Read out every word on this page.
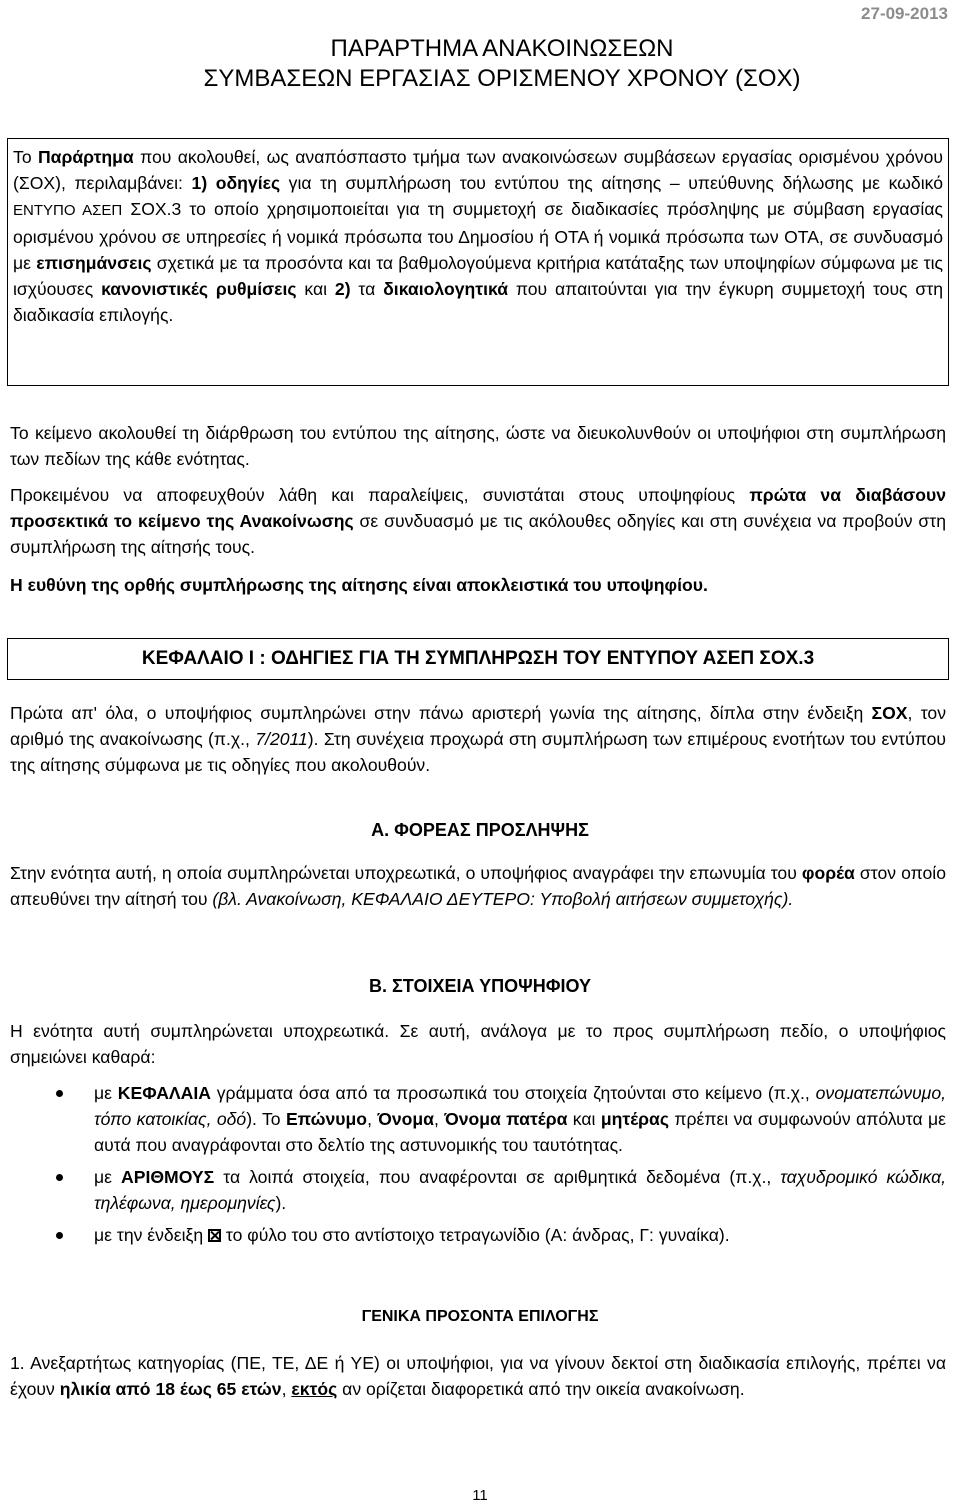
27-09-2013
ΠΑΡΑΡΤΗΜΑ ΑΝΑΚΟΙΝΩΣΕΩΝ
ΣΥΜΒΑΣΕΩΝ ΕΡΓΑΣΙΑΣ ΟΡΙΣΜΕΝΟΥ ΧΡΟΝΟΥ (ΣΟΧ)
Το Παράρτημα που ακολουθεί, ως αναπόσπαστο τμήμα των ανακοινώσεων συμβάσεων εργασίας ορισμένου χρόνου (ΣΟΧ), περιλαμβάνει: 1) οδηγίες για τη συμπλήρωση του εντύπου της αίτησης – υπεύθυνης δήλωσης με κωδικό ΕΝΤΥΠΟ ΑΣΕΠ ΣΟΧ.3 το οποίο χρησιμοποιείται για τη συμμετοχή σε διαδικασίες πρόσληψης με σύμβαση εργασίας ορισμένου χρόνου σε υπηρεσίες ή νομικά πρόσωπα του Δημοσίου ή ΟΤΑ ή νομικά πρόσωπα των ΟΤΑ, σε συνδυασμό με επισημάνσεις σχετικά με τα προσόντα και τα βαθμολογούμενα κριτήρια κατάταξης των υποψηφίων σύμφωνα με τις ισχύουσες κανονιστικές ρυθμίσεις και 2) τα δικαιολογητικά που απαιτούνται για την έγκυρη συμμετοχή τους στη διαδικασία επιλογής.
Το κείμενο ακολουθεί τη διάρθρωση του εντύπου της αίτησης, ώστε να διευκολυνθούν οι υποψήφιοι στη συμπλήρωση των πεδίων της κάθε ενότητας.
Προκειμένου να αποφευχθούν λάθη και παραλείψεις, συνιστάται στους υποψηφίους πρώτα να διαβάσουν προσεκτικά το κείμενο της Ανακοίνωσης σε συνδυασμό με τις ακόλουθες οδηγίες και στη συνέχεια να προβούν στη συμπλήρωση της αίτησής τους.
Η ευθύνη της ορθής συμπλήρωσης της αίτησης είναι αποκλειστικά του υποψηφίου.
ΚΕΦΑΛΑΙΟ Ι : ΟΔΗΓΙΕΣ ΓΙΑ ΤΗ ΣΥΜΠΛΗΡΩΣΗ ΤΟΥ ΕΝΤΥΠΟΥ ΑΣΕΠ ΣΟΧ.3
Πρώτα απ' όλα, ο υποψήφιος συμπληρώνει στην πάνω αριστερή γωνία της αίτησης, δίπλα στην ένδειξη ΣΟΧ, τον αριθμό της ανακοίνωσης (π.χ., 7/2011). Στη συνέχεια προχωρά στη συμπλήρωση των επιμέρους ενοτήτων του εντύπου της αίτησης σύμφωνα με τις οδηγίες που ακολουθούν.
Α. ΦΟΡΕΑΣ ΠΡΟΣΛΗΨΗΣ
Στην ενότητα αυτή, η οποία συμπληρώνεται υποχρεωτικά, ο υποψήφιος αναγράφει την επωνυμία του φορέα στον οποίο απευθύνει την αίτησή του (βλ. Ανακοίνωση, ΚΕΦΑΛΑΙΟ ΔΕΥΤΕΡΟ: Υποβολή αιτήσεων συμμετοχής).
Β. ΣΤΟΙΧΕΙΑ ΥΠΟΨΗΦΙΟΥ
Η ενότητα αυτή συμπληρώνεται υποχρεωτικά. Σε αυτή, ανάλογα με το προς συμπλήρωση πεδίο, ο υποψήφιος σημειώνει καθαρά:
με ΚΕΦΑΛΑΙΑ γράμματα όσα από τα προσωπικά του στοιχεία ζητούνται στο κείμενο (π.χ., ονοματεπώνυμο, τόπο κατοικίας, οδό). Το Επώνυμο, Όνομα, Όνομα πατέρα και μητέρας πρέπει να συμφωνούν απόλυτα με αυτά που αναγράφονται στο δελτίο της αστυνομικής του ταυτότητας.
με ΑΡΙΘΜΟΥΣ τα λοιπά στοιχεία, που αναφέρονται σε αριθμητικά δεδομένα (π.χ., ταχυδρομικό κώδικα, τηλέφωνα, ημερομηνίες).
με την ένδειξη  το φύλο του στο αντίστοιχο τετραγωνίδιο (Α: άνδρας, Γ: γυναίκα).
ΓΕΝΙΚΑ ΠΡΟΣΟΝΤΑ ΕΠΙΛΟΓΗΣ
1. Ανεξαρτήτως κατηγορίας (ΠΕ, ΤΕ, ΔΕ ή ΥΕ) οι υποψήφιοι, για να γίνουν δεκτοί στη διαδικασία επιλογής, πρέπει να έχουν ηλικία από 18 έως 65 ετών, εκτός αν ορίζεται διαφορετικά από την οικεία ανακοίνωση.
11
